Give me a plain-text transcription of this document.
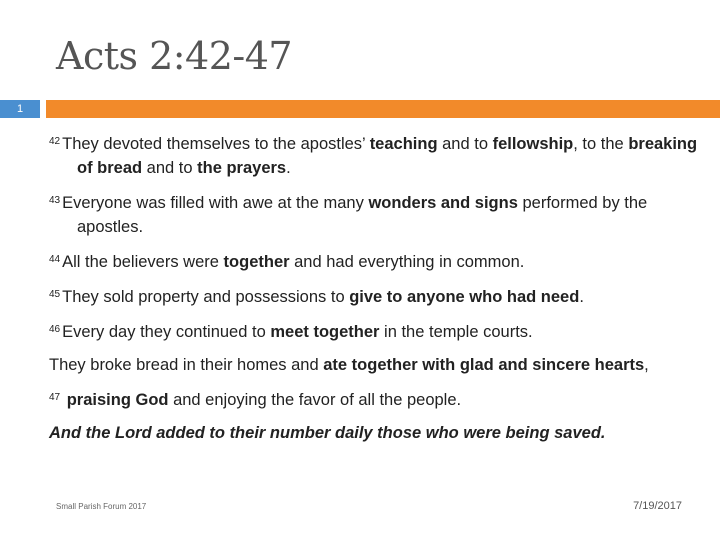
Acts 2:42-47
1

$^{42}$ They devoted themselves to the apostles’ teaching and to fellowship, to the breaking of bread and to the prayers.

$^{43}$ Everyone was filled with awe at the many wonders and signs performed by the apostles.

$^{44}$ All the believers were together and had everything in common.

$^{45}$ They sold property and possessions to give to anyone who had need.

$^{46}$ Every day they continued to meet together in the temple courts.

They broke bread in their homes and ate together with glad and sincere hearts,

$^{47}$ praising God and enjoying the favor of all the people.

And the Lord added to their number daily those who were being saved.

Small Parish Forum 2017	7/19/2017
